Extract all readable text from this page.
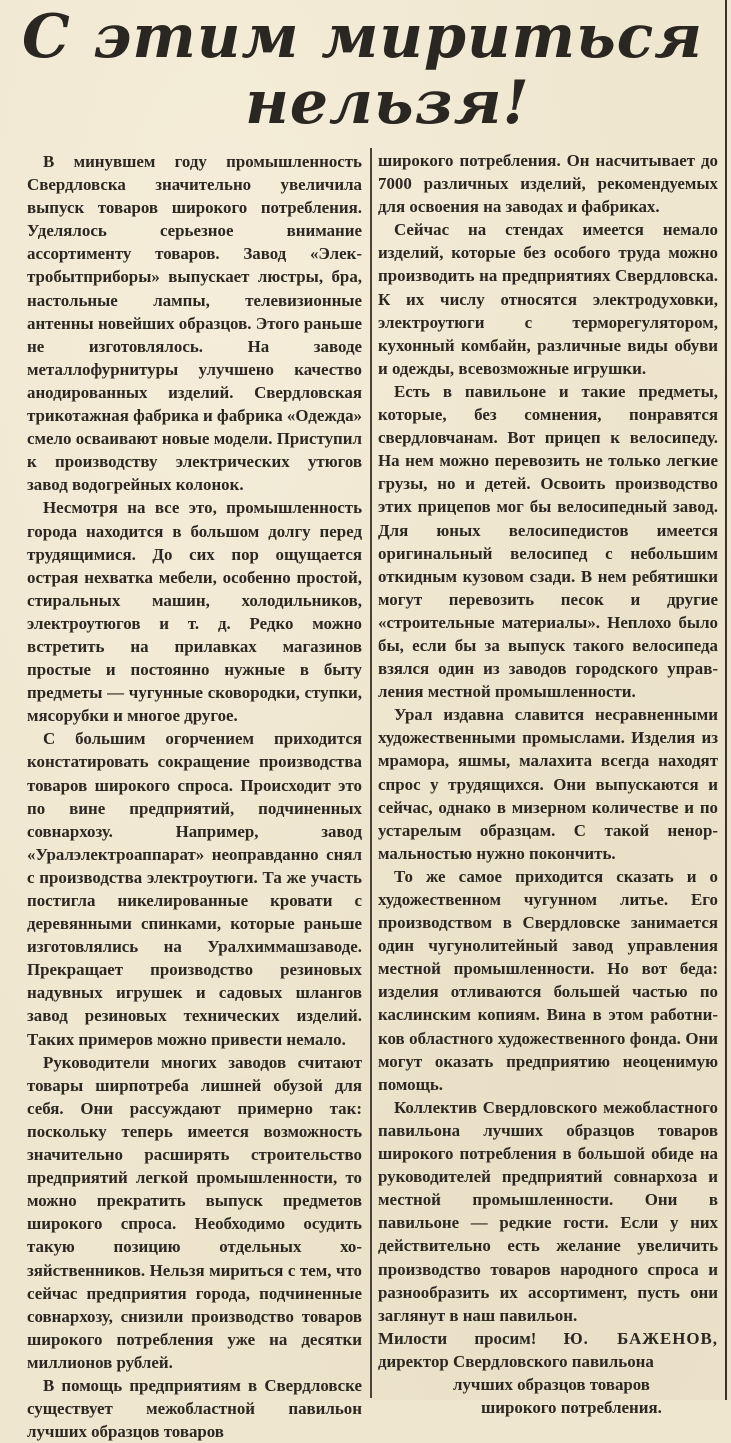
С этим мириться
нельзя!

В минувшем году промышленность Свердловска значительно увеличила выпуск товаров широкого потребления. Уделялось серьезное внимание ассортименту товаров. Завод «Электробытприборы» выпускает люстры, бра, настольные лампы, телевизионные антенны новейших образцов. Этого раньше не изготовлялось. На заводе металлофурнитуры улучшено качество анодированных изделий. Свердловская трикотажная фабрика и фабрика «Одежда» смело осваивают новые модели. Приступил к производству электрических утюгов завод водогрейных колонок.

Несмотря на все это, промышленность города находится в большом долгу перед трудящимися. До сих пор ощущается острая нехватка мебели, особенно простой, стиральных машин, холодильников, электроутюгов и т. д. Редко можно встретить на прилавках магазинов простые и постоянно нужные в быту предметы — чугунные сковородки, ступки, мясорубки и многое другое.

С большим огорчением приходится констатировать сокращение производства товаров широкого спроса. Происходит это по вине предприятий, подчиненных совнархозу. Например, завод «Уралэлектроаппарат» неоправданно снял с производства электроутюги. Та же участь постигла никелированные кровати с деревянными спинками, которые раньше изготовлялись на Уралхиммашзаводе. Прекращает производство резиновых надувных игрушек и садовых шлангов завод резиновых технических изделий. Таких примеров можно привести немало.

Руководители многих заводов считают товары ширпотреба лишней обузой для себя. Они рассуждают примерно так: поскольку теперь имеется возможность значительно расширять строительство предприятий легкой промышленности, то можно прекратить выпуск предметов широкого спроса. Необходимо осудить такую позицию отдельных хозяйственников. Нельзя мириться с тем, что сейчас предприятия города, подчиненные совнархозу, снизили производство товаров широкого потребления уже на десятки миллионов рублей.

В помощь предприятиям в Свердловске существует межобластной павильон лучших образцов товаров

широкого потребления. Он насчитывает до 7000 различных изделий, рекомендуемых для освоения на заводах и фабриках.

Сейчас на стендах имеется немало изделий, которые без особого труда можно производить на предприятиях Свердловска. К их числу относятся электродуховки, электроутюги с терморегулятором, кухонный комбайн, различные виды обуви и одежды, всевозможные игрушки.

Есть в павильоне и такие предметы, которые, без сомнения, понравятся свердловчанам. Вот прицеп к велосипеду. На нем можно перевозить не только легкие грузы, но и детей. Освоить производство этих прицепов мог бы велосипедный завод. Для юных велосипедистов имеется оригинальный велосипед с небольшим откидным кузовом сзади. В нем ребятишки могут перевозить песок и другие «строительные материалы». Неплохо было бы, если бы за выпуск такого велосипеда взялся один из заводов городского управления местной промышленности.

Урал издавна славится несравненными художественными промыслами. Изделия из мрамора, яшмы, малахита всегда находят спрос у трудящихся. Они выпускаются и сейчас, однако в мизерном количестве и по устарелым образцам. С такой ненормальностью нужно покончить.

То же самое приходится сказать и о художественном чугунном литье. Его производством в Свердловске занимается один чугунолитейный завод управления местной промышленности. Но вот беда: изделия отливаются большей частью по каслинским копиям. Вина в этом работников областного художественного фонда. Они могут оказать предприятию неоценимую помощь.

Коллектив Свердловского межобластного павильона лучших образцов товаров широкого потребления в большой обиде на руководителей предприятий совнархоза и местной промышленности. Они в павильоне — редкие гости. Если у них действительно есть желание увеличить производство товаров народного спроса и разнообразить их ассортимент, пусть они заглянут в наш павильон.

Милости просим! Ю. БАЖЕНОВ,
директор Свердловского павильона
лучших образцов товаров
широкого потребления.
